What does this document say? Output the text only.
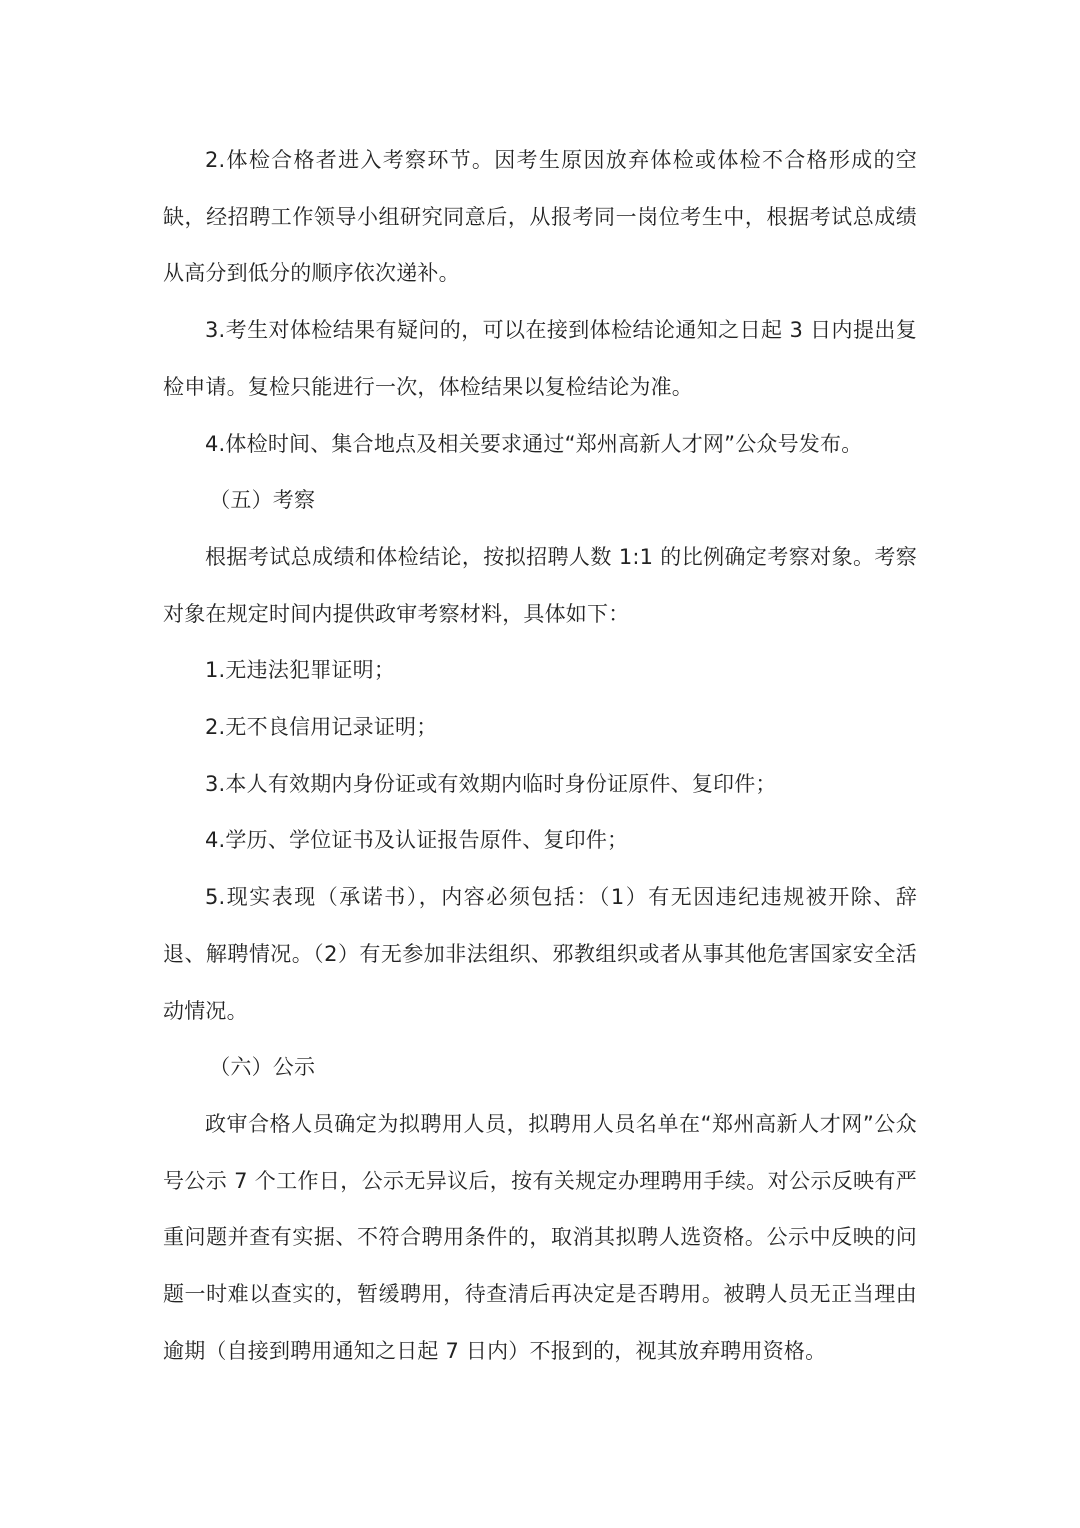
2.体检合格者进入考察环节。因考生原因放弃体检或体检不合格形成的空缺，经招聘工作领导小组研究同意后，从报考同一岗位考生中，根据考试总成绩从高分到低分的顺序依次递补。

3.考生对体检结果有疑问的，可以在接到体检结论通知之日起 3 日内提出复检申请。复检只能进行一次，体检结果以复检结论为准。

4.体检时间、集合地点及相关要求通过“郑州高新人才网”公众号发布。

（五）考察

根据考试总成绩和体检结论，按拟招聘人数 1:1 的比例确定考察对象。考察对象在规定时间内提供政审考察材料，具体如下：

1.无违法犯罪证明；

2.无不良信用记录证明；

3.本人有效期内身份证或有效期内临时身份证原件、复印件；

4.学历、学位证书及认证报告原件、复印件；

5.现实表现（承诺书），内容必须包括：（1）有无因违纪违规被开除、辞退、解聘情况。（2）有无参加非法组织、邪教组织或者从事其他危害国家安全活动情况。

（六）公示

政审合格人员确定为拟聘用人员，拟聘用人员名单在“郑州高新人才网”公众号公示 7 个工作日，公示无异议后，按有关规定办理聘用手续。对公示反映有严重问题并查有实据、不符合聘用条件的，取消其拟聘人选资格。公示中反映的问题一时难以查实的，暂缓聘用，待查清后再决定是否聘用。被聘人员无正当理由逾期（自接到聘用通知之日起 7 日内）不报到的，视其放弃聘用资格。
